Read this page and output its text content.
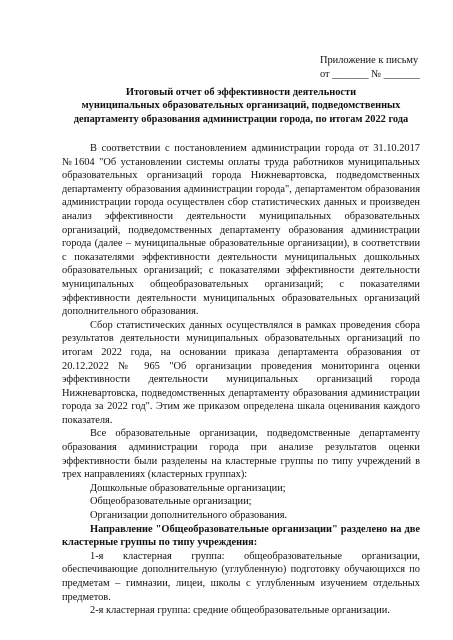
Приложение к письму
от _______ № _______
Итоговый отчет об эффективности деятельности
муниципальных образовательных организаций, подведомственных
департаменту образования администрации города, по итогам 2022 года

В соответствии с постановлением администрации города от 31.10.2017 №1604 "Об установлении системы оплаты труда работников муниципальных образовательных организаций города Нижневартовска, подведомственных департаменту образования администрации города", департаментом образования администрации города осуществлен сбор статистических данных и произведен анализ эффективности деятельности муниципальных образовательных организаций, подведомственных департаменту образования администрации города (далее – муниципальные образовательные организации), в соответствии с показателями эффективности деятельности муниципальных дошкольных образовательных организаций; с показателями эффективности деятельности муниципальных общеобразовательных организаций; с показателями эффективности деятельности муниципальных образовательных организаций дополнительного образования.

Сбор статистических данных осуществлялся в рамках проведения сбора результатов деятельности муниципальных образовательных организаций по итогам 2022 года, на основании приказа департамента образования от 20.12.2022 № 965 "Об организации проведения мониторинга оценки эффективности деятельности муниципальных организаций города Нижневартовска, подведомственных департаменту образования администрации города за 2022 год". Этим же приказом определена шкала оценивания каждого показателя.

Все образовательные организации, подведомственные департаменту образования администрации города при анализе результатов оценки эффективности были разделены на кластерные группы по типу учреждений в трех направлениях (кластерных группах):

Дошкольные образовательные организации;

Общеобразовательные организации;

Организации дополнительного образования.

Направление "Общеобразовательные организации" разделено на две кластерные группы по типу учреждения:

1-я кластерная группа: общеобразовательные организации, обеспечивающие дополнительную (углубленную) подготовку обучающихся по предметам – гимназии, лицеи, школы с углубленным изучением отдельных предметов.

2-я кластерная группа: средние общеобразовательные организации.
